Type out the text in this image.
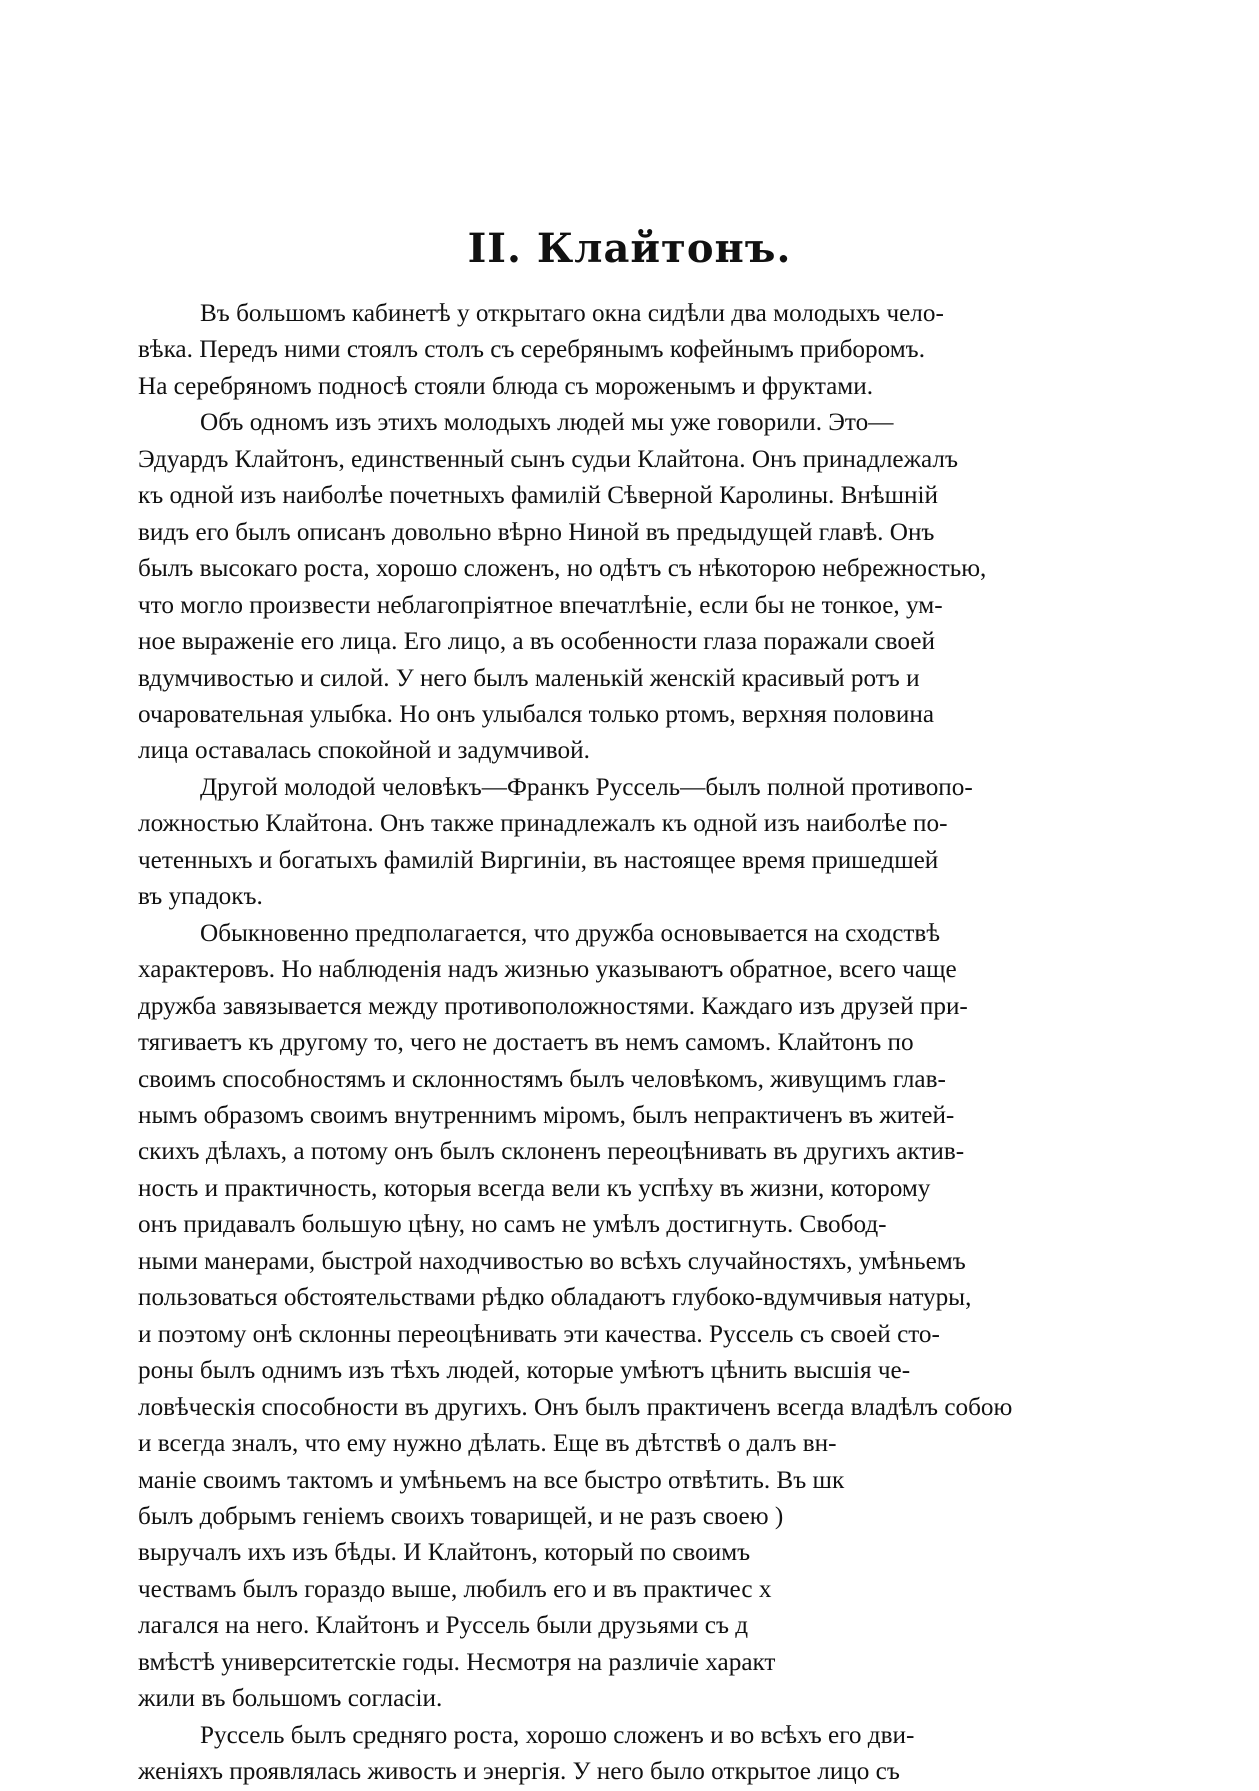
II. Клайтонъ.
Въ большомъ кабинетѣ у открытаго окна сидѣли два молодыхъ чело-
вѣка. Передъ ними стоялъ столъ съ серебрянымъ кофейнымъ приборомъ.
На серебряномъ подносѣ стояли блюда съ мороженымъ и фруктами.
Объ одномъ изъ этихъ молодыхъ людей мы уже говорили. Это—
Эдуардъ Клайтонъ, единственный сынъ судьи Клайтона. Онъ принадлежалъ
къ одной изъ наиболѣе почетныхъ фамилій Сѣверной Каролины. Внѣшній
видъ его былъ описанъ довольно вѣрно Ниной въ предыдущей главѣ. Онъ
былъ высокаго роста, хорошо сложенъ, но одѣтъ съ нѣкоторою небрежностью,
что могло произвести неблагопріятное впечатлѣніе, если бы не тонкое, ум-
ное выраженіе его лица. Его лицо, а въ особенности глаза поражали своей
вдумчивостью и силой. У него былъ маленькій женскій красивый ротъ и
очаровательная улыбка. Но онъ улыбался только ртомъ, верхняя половина
лица оставалась спокойной и задумчивой.
Другой молодой человѣкъ—Франкъ Руссель—былъ полной противопо-
ложностью Клайтона. Онъ также принадлежалъ къ одной изъ наиболѣе по-
четенныхъ и богатыхъ фамилій Виргиніи, въ настоящее время пришедшей
въ упадокъ.
Обыкновенно предполагается, что дружба основывается на сходствѣ
характеровъ. Но наблюденія надъ жизнью указываютъ обратное, всего чаще
дружба завязывается между противоположностями. Каждаго изъ друзей при-
тягиваетъ къ другому то, чего не достаетъ въ немъ самомъ. Клайтонъ по
своимъ способностямъ и склонностямъ былъ человѣкомъ, живущимъ глав-
нымъ образомъ своимъ внутреннимъ міромъ, былъ непрактиченъ въ житей-
скихъ дѣлахъ, а потому онъ былъ склоненъ переоцѣнивать въ другихъ актив-
ность и практичность, которыя всегда вели къ успѣху въ жизни, которому
онъ придавалъ большую цѣну, но самъ не умѣлъ достигнуть. Свобод-
ными манерами, быстрой находчивостью во всѣхъ случайностяхъ, умѣньемъ
пользоваться обстоятельствами рѣдко обладаютъ глубоко-вдумчивыя натуры,
и поэтому онѣ склонны переоцѣнивать эти качества. Руссель съ своей сто-
роны былъ однимъ изъ тѣхъ людей, которые умѣютъ цѣнить высшія че-
ловѣческія способности въ другихъ. Онъ былъ практиченъ всегда владѣлъ собою
и всегда зналъ, что ему нужно дѣлать. Еще въ дѣтствѣ о далъ вн-
маніе своимъ тактомъ и умѣньемъ на все быстро отвѣтить. Въ шк
былъ добрымъ геніемъ своихъ товарищей, и не разъ своею )
выручалъ ихъ изъ бѣды. И Клайтонъ, который по своимъ
чествамъ былъ гораздо выше, любилъ его и въ практичес х
лагался на него. Клайтонъ и Руссель были друзьями съ д
вмѣстѣ университетскіе годы. Несмотря на различіе характ
жили въ большомъ согласіи.
Руссель былъ средняго роста, хорошо сложенъ и во всѣхъ его дви-
женіяхъ проявлялась живость и энергія. У него было открытое лицо съ
